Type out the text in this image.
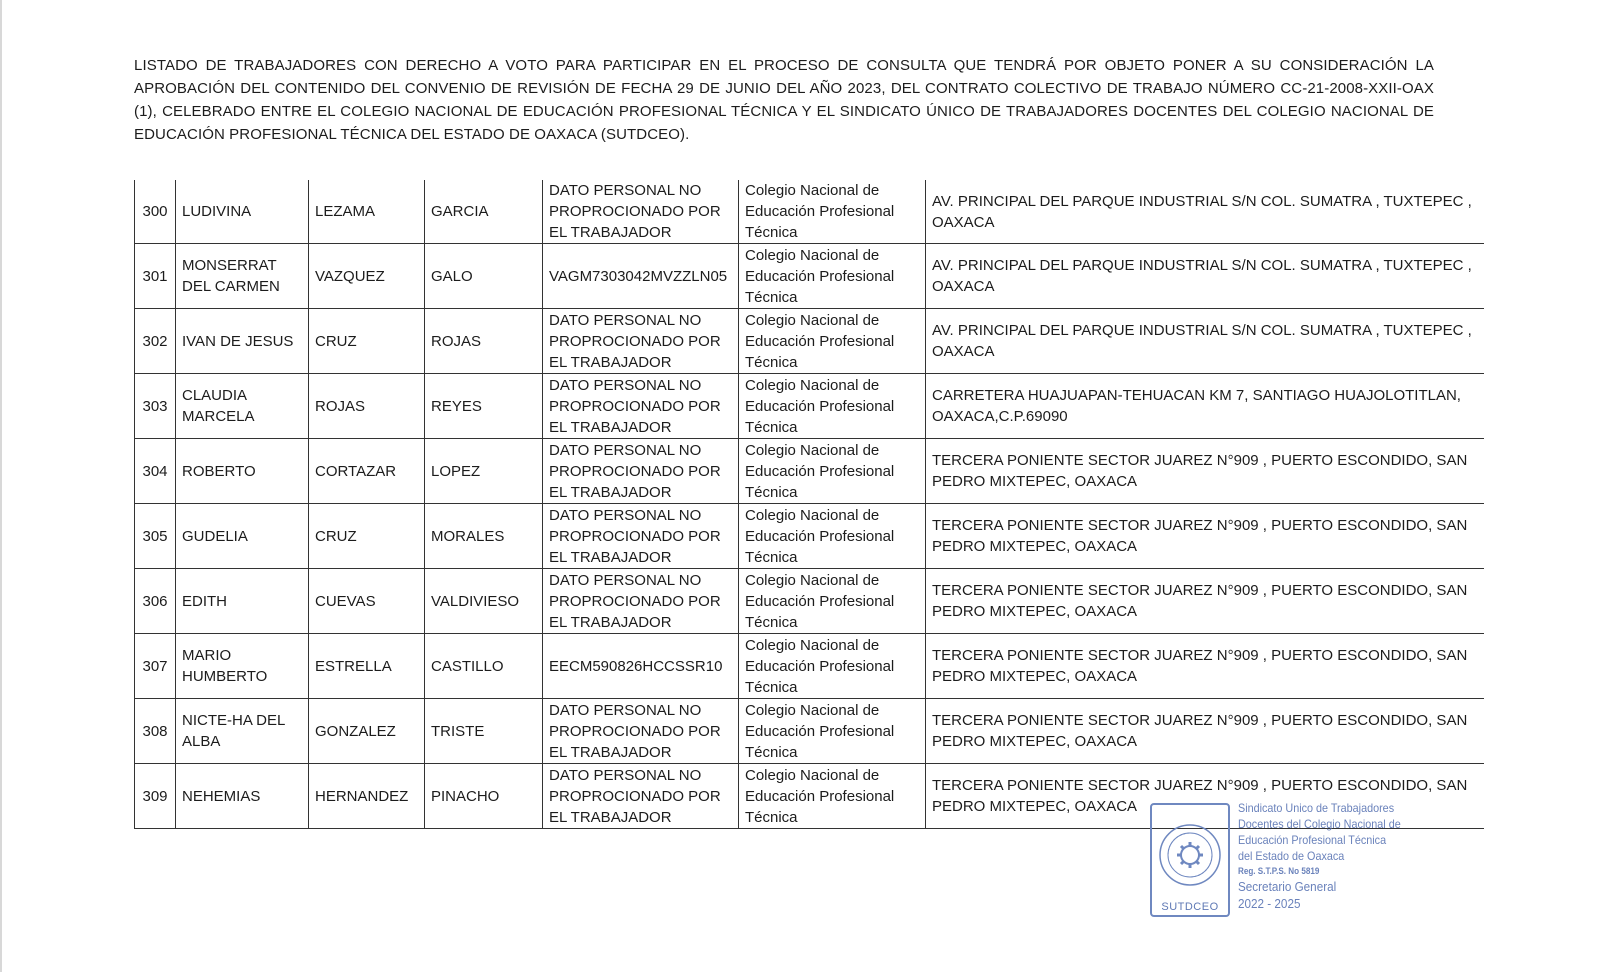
LISTADO DE TRABAJADORES CON DERECHO A VOTO PARA PARTICIPAR EN EL PROCESO DE CONSULTA QUE TENDRÁ POR OBJETO PONER A SU CONSIDERACIÓN LA APROBACIÓN DEL CONTENIDO DEL CONVENIO DE REVISIÓN DE FECHA 29 DE JUNIO DEL AÑO 2023, DEL CONTRATO COLECTIVO DE TRABAJO NÚMERO CC-21-2008-XXII-OAX (1), CELEBRADO ENTRE EL COLEGIO NACIONAL DE EDUCACIÓN PROFESIONAL TÉCNICA Y EL SINDICATO ÚNICO DE TRABAJADORES DOCENTES DEL COLEGIO NACIONAL DE EDUCACIÓN PROFESIONAL TÉCNICA DEL ESTADO DE OAXACA (SUTDCEO).
300	LUDIVINA	LEZAMA	GARCIA	DATO PERSONAL NO PROPROCIONADO POR EL TRABAJADOR	Colegio Nacional de Educación Profesional Técnica	AV. PRINCIPAL DEL PARQUE INDUSTRIAL S/N COL. SUMATRA , TUXTEPEC , OAXACA
301	MONSERRAT DEL CARMEN	VAZQUEZ	GALO	VAGM7303042MVZZLN05	Colegio Nacional de Educación Profesional Técnica	AV. PRINCIPAL DEL PARQUE INDUSTRIAL S/N COL. SUMATRA , TUXTEPEC , OAXACA
302	IVAN DE JESUS	CRUZ	ROJAS	DATO PERSONAL NO PROPROCIONADO POR EL TRABAJADOR	Colegio Nacional de Educación Profesional Técnica	AV. PRINCIPAL DEL PARQUE INDUSTRIAL S/N COL. SUMATRA , TUXTEPEC , OAXACA
303	CLAUDIA MARCELA	ROJAS	REYES	DATO PERSONAL NO PROPROCIONADO POR EL TRABAJADOR	Colegio Nacional de Educación Profesional Técnica	CARRETERA HUAJUAPAN-TEHUACAN KM 7, SANTIAGO HUAJOLOTITLAN, OAXACA,C.P.69090
304	ROBERTO	CORTAZAR	LOPEZ	DATO PERSONAL NO PROPROCIONADO POR EL TRABAJADOR	Colegio Nacional de Educación Profesional Técnica	TERCERA PONIENTE SECTOR JUAREZ N°909 , PUERTO ESCONDIDO, SAN PEDRO MIXTEPEC, OAXACA
305	GUDELIA	CRUZ	MORALES	DATO PERSONAL NO PROPROCIONADO POR EL TRABAJADOR	Colegio Nacional de Educación Profesional Técnica	TERCERA PONIENTE SECTOR JUAREZ N°909 , PUERTO ESCONDIDO, SAN PEDRO MIXTEPEC, OAXACA
306	EDITH	CUEVAS	VALDIVIESO	DATO PERSONAL NO PROPROCIONADO POR EL TRABAJADOR	Colegio Nacional de Educación Profesional Técnica	TERCERA PONIENTE SECTOR JUAREZ N°909 , PUERTO ESCONDIDO, SAN PEDRO MIXTEPEC, OAXACA
307	MARIO HUMBERTO	ESTRELLA	CASTILLO	EECM590826HCCSSR10	Colegio Nacional de Educación Profesional Técnica	TERCERA PONIENTE SECTOR JUAREZ N°909 , PUERTO ESCONDIDO, SAN PEDRO MIXTEPEC, OAXACA
308	NICTE-HA DEL ALBA	GONZALEZ	TRISTE	DATO PERSONAL NO PROPROCIONADO POR EL TRABAJADOR	Colegio Nacional de Educación Profesional Técnica	TERCERA PONIENTE SECTOR JUAREZ N°909 , PUERTO ESCONDIDO, SAN PEDRO MIXTEPEC, OAXACA
309	NEHEMIAS	HERNANDEZ	PINACHO	DATO PERSONAL NO PROPROCIONADO POR EL TRABAJADOR	Colegio Nacional de Educación Profesional Técnica	TERCERA PONIENTE SECTOR JUAREZ N°909 , PUERTO ESCONDIDO, SAN PEDRO MIXTEPEC, OAXACA
SUTDCEO
Sindicato Unico de Trabajadores
Docentes del Colegio Nacional de
Educación Profesional Técnica
del Estado de Oaxaca
Reg. S.T.P.S. No 5819
Secretario General
2022 - 2025
